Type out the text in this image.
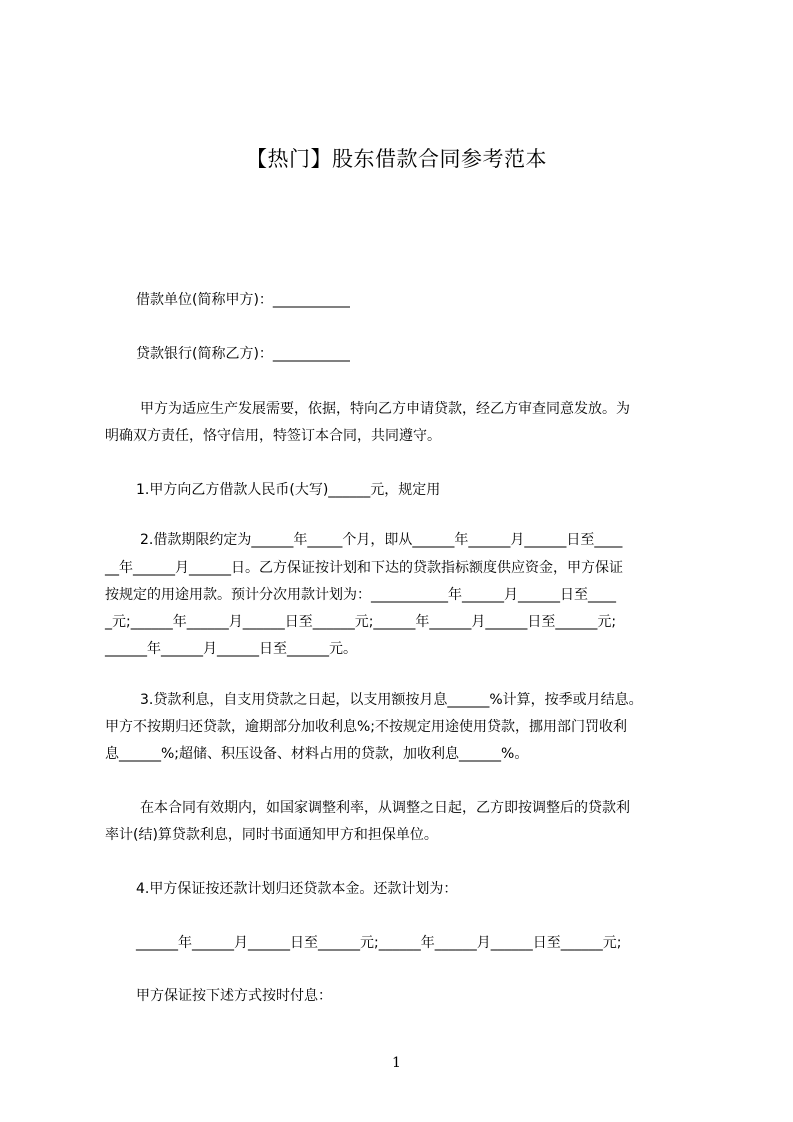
【热门】股东借款合同参考范本
借款单位(简称甲方)：___________
贷款银行(简称乙方)：___________
甲方为适应生产发展需要，依据，特向乙方申请贷款，经乙方审查同意发放。为
明确双方责任，恪守信用，特签订本合同，共同遵守。
1.甲方向乙方借款人民币(大写)______元，规定用
2.借款期限约定为______年_____个月，即从______年______月______日至____
__年______月______日。乙方保证按计划和下达的贷款指标额度供应资金，甲方保证
按规定的用途用款。预计分次用款计划为：___________年______月______日至____
_元;______年______月______日至______元;______年______月______日至______元;
______年______月______日至______元。
3.贷款利息，自支用贷款之日起，以支用额按月息______%计算，按季或月结息。
甲方不按期归还贷款，逾期部分加收利息%;不按规定用途使用贷款，挪用部门罚收利
息______%;超储、积压设备、材料占用的贷款，加收利息______%。
在本合同有效期内，如国家调整利率，从调整之日起，乙方即按调整后的贷款利
率计(结)算贷款利息，同时书面通知甲方和担保单位。
4.甲方保证按还款计划归还贷款本金。还款计划为：
______年______月______日至______元;______年______月______日至______元;
甲方保证按下述方式按时付息：
1
